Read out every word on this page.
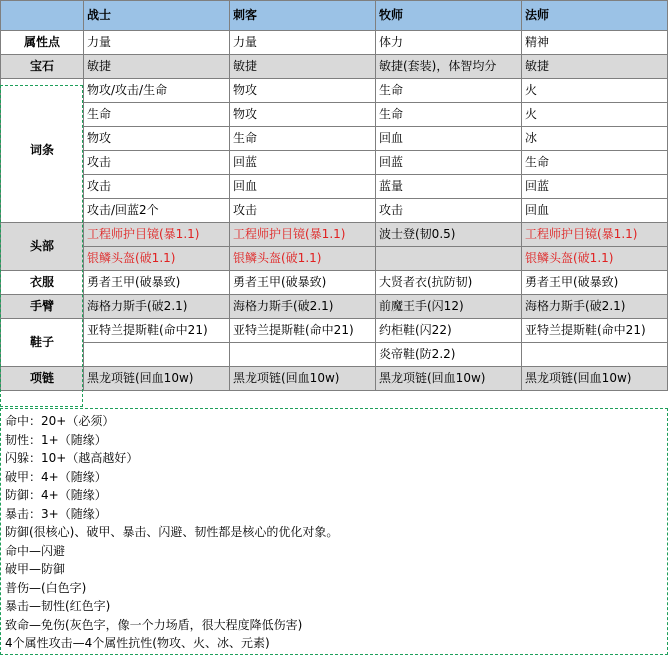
	战士	刺客	牧师	法师
属性点	力量	力量	体力	精神
宝石	敏捷	敏捷	敏捷(套装)，体智均分	敏捷
词条	物攻/攻击/生命	物攻	生命	火
	生命	物攻	生命	火
	物攻	生命	回血	冰
	攻击	回蓝	回蓝	生命
	攻击	回血	蓝量	回蓝
	攻击/回蓝2个	攻击	攻击	回血
头部	工程师护目镜(暴1.1)	工程师护目镜(暴1.1)	波士登(韧0.5)	工程师护目镜(暴1.1)
	银鳞头盔(破1.1)	银鳞头盔(破1.1)		银鳞头盔(破1.1)
衣服	勇者王甲(破暴致)	勇者王甲(破暴致)	大贤者衣(抗防韧)	勇者王甲(破暴致)
手臂	海格力斯手(破2.1)	海格力斯手(破2.1)	前魔王手(闪12)	海格力斯手(破2.1)
鞋子	亚特兰提斯鞋(命中21)	亚特兰提斯鞋(命中21)	约柜鞋(闪22)	亚特兰提斯鞋(命中21)
			炎帝鞋(防2.2)	
项链	黑龙项链(回血10w)	黑龙项链(回血10w)	黑龙项链(回血10w)	黑龙项链(回血10w)
命中：20+（必须）
韧性：1+（随缘）
闪躲：10+（越高越好）
破甲：4+（随缘）
防御：4+（随缘）
暴击：3+（随缘）
防御(很核心)、破甲、暴击、闪避、韧性都是核心的优化对象。
命中—闪避
破甲—防御
普伤—(白色字)
暴击—韧性(红色字)
致命—免伤(灰色字，像一个力场盾，很大程度降低伤害)
4个属性攻击—4个属性抗性(物攻、火、冰、元素)
